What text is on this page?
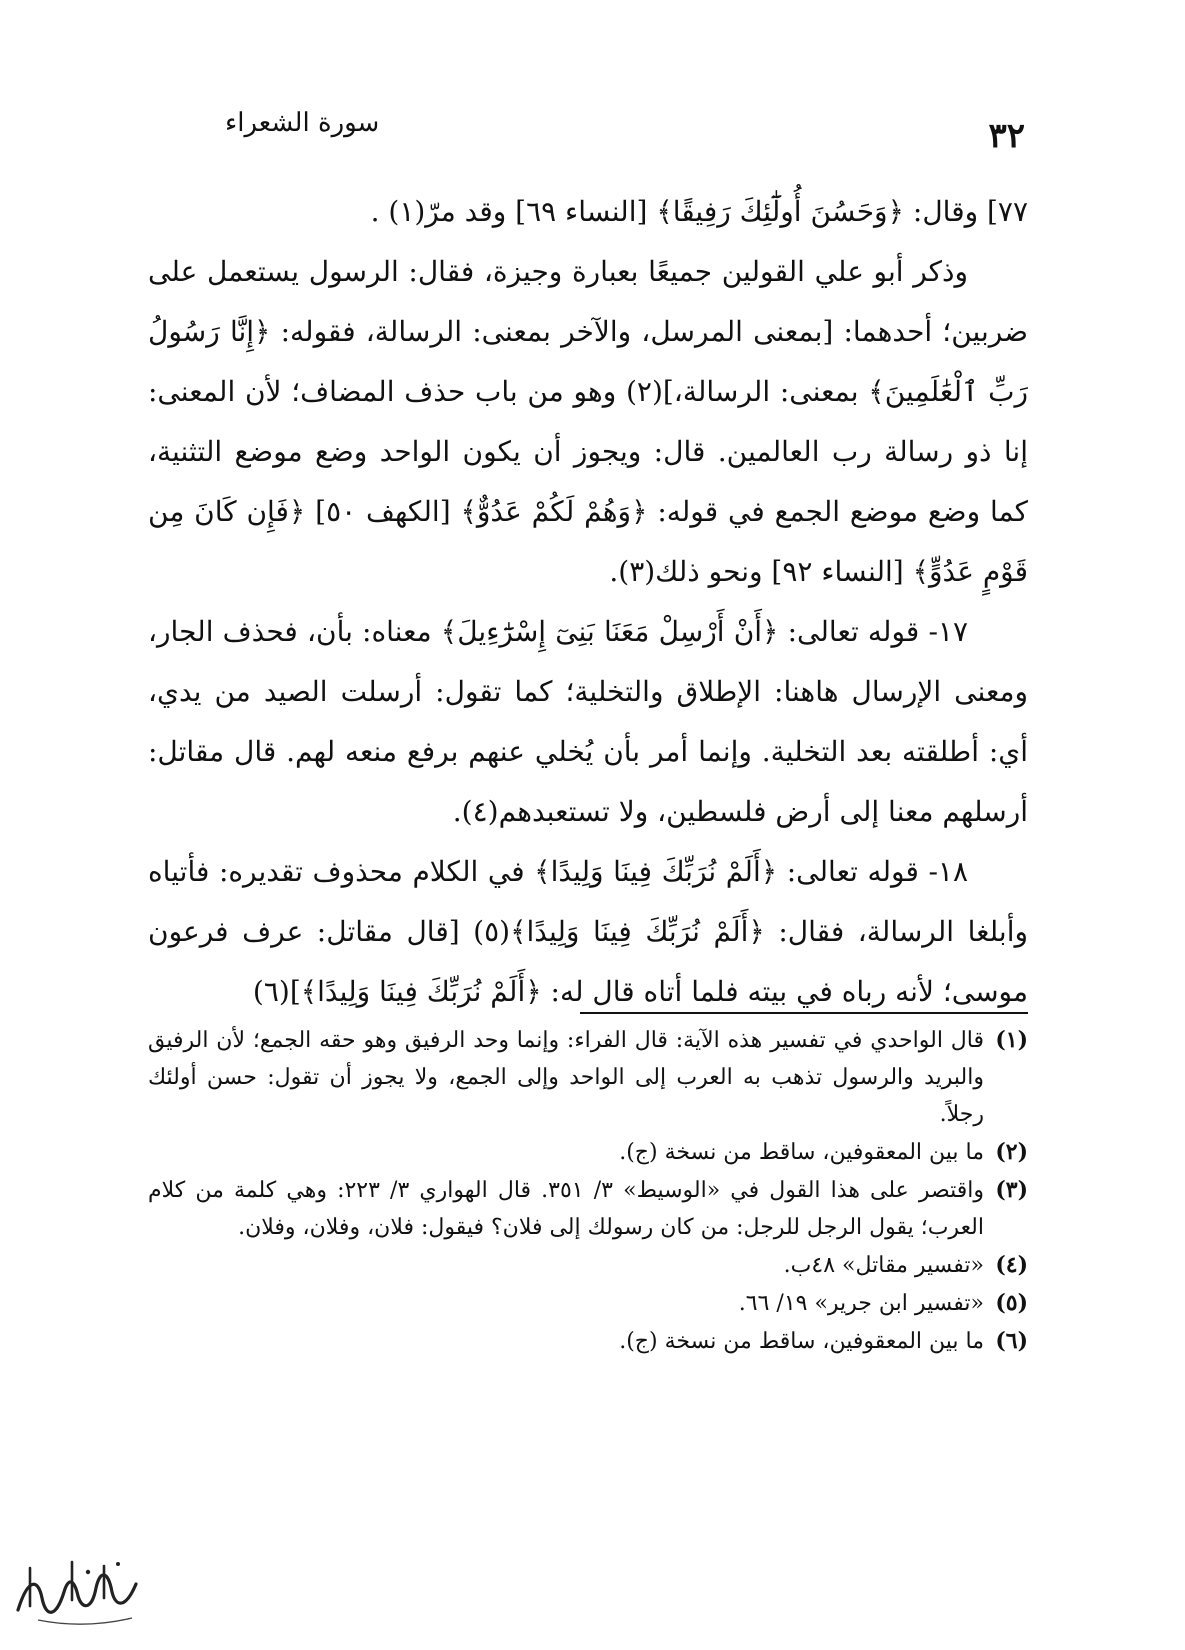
سورة الشعراء	٣٢

٧٧] وقال: ﴿وَحَسُنَ أُولَٰٓئِكَ رَفِيقًا﴾ [النساء ٦٩] وقد مرّ(١) .

وذكر أبو علي القولين جميعًا بعبارة وجيزة، فقال: الرسول يستعمل على ضربين؛ أحدهما: [بمعنى المرسل، والآخر بمعنى: الرسالة، فقوله: ﴿إِنَّا رَسُولُ رَبِّ ٱلْعَٰلَمِينَ﴾ بمعنى: الرسالة،](٢) وهو من باب حذف المضاف؛ لأن المعنى: إنا ذو رسالة رب العالمين. قال: ويجوز أن يكون الواحد وضع موضع التثنية، كما وضع موضع الجمع في قوله: ﴿وَهُمْ لَكُمْ عَدُوٌّ﴾ [الكهف ٥٠] ﴿فَإِن كَانَ مِن قَوْمٍ عَدُوٍّ﴾ [النساء ٩٢] ونحو ذلك(٣).

١٧- قوله تعالى: ﴿أَنْ أَرْسِلْ مَعَنَا بَنِىٓ إِسْرَٰٓءِيلَ﴾ معناه: بأن، فحذف الجار، ومعنى الإرسال هاهنا: الإطلاق والتخلية؛ كما تقول: أرسلت الصيد من يدي، أي: أطلقته بعد التخلية. وإنما أمر بأن يُخلي عنهم برفع منعه لهم. قال مقاتل: أرسلهم معنا إلى أرض فلسطين، ولا تستعبدهم(٤).

١٨- قوله تعالى: ﴿أَلَمْ نُرَبِّكَ فِينَا وَلِيدًا﴾ في الكلام محذوف تقديره: فأتياه وأبلغا الرسالة، فقال: ﴿أَلَمْ نُرَبِّكَ فِينَا وَلِيدًا﴾(٥) [قال مقاتل: عرف فرعون موسى؛ لأنه رباه في بيته فلما أتاه قال له: ﴿أَلَمْ نُرَبِّكَ فِينَا وَلِيدًا﴾](٦)

(١)
قال الواحدي في تفسير هذه الآية: قال الفراء: وإنما وحد الرفيق وهو حقه الجمع؛ لأن الرفيق والبريد والرسول تذهب به العرب إلى الواحد وإلى الجمع، ولا يجوز أن تقول: حسن أولئك رجلاً.
(٢)
ما بين المعقوفين، ساقط من نسخة (ج).
(٣)
واقتصر على هذا القول في «الوسيط» ٣/ ٣٥١. قال الهواري ٣/ ٢٢٣: وهي كلمة من كلام العرب؛ يقول الرجل للرجل: من كان رسولك إلى فلان؟ فيقول: فلان، وفلان، وفلان.
(٤)
«تفسير مقاتل» ٤٨ب.
(٥)
«تفسير ابن جرير» ١٩/ ٦٦.
(٦)
ما بين المعقوفين، ساقط من نسخة (ج).
